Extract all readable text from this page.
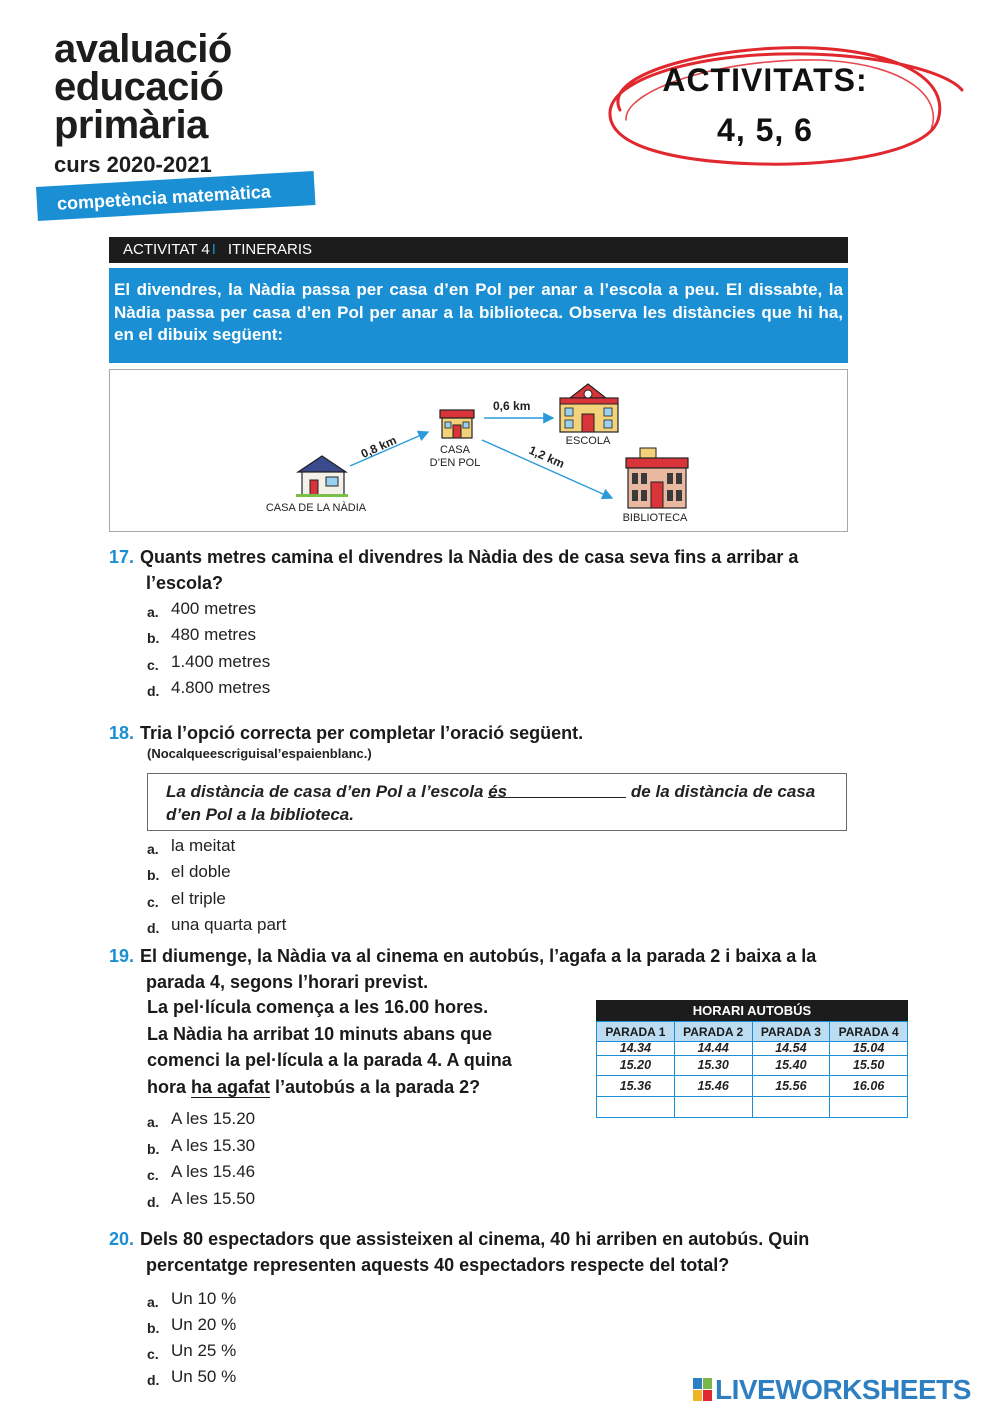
avaluació
educació
primària
curs 2020-2021
competència matemàtica
ACTIVITATS:
4, 5, 6
ACTIVITAT 4 I ITINERARIS
El divendres, la Nàdia passa per casa d’en Pol per anar a l’escola a peu. El dissabte, la Nàdia passa per casa d’en Pol per anar a la biblioteca. Observa les distàncies que hi ha, en el dibuix següent:
0,8 km
0,6 km
1,2 km
CASA DE LA NÀDIA
CASA
D’EN POL
ESCOLA
BIBLIOTECA
17. Quants metres camina el divendres la Nàdia des de casa seva fins a arribar a
l’escola?
a. 400 metres
b. 480 metres
c. 1.400 metres
d. 4.800 metres
18. Tria l’opció correcta per completar l’oració següent.
(Nocalqueescriguisal’espaienblanc.)
La distància de casa d’en Pol a l’escola és	de la distància de casa
d’en Pol a la biblioteca.
a. la meitat
b. el doble
c. el triple
d. una quarta part
19. El diumenge, la Nàdia va al cinema en autobús, l’agafa a la parada 2 i baixa a la
parada 4, segons l’horari previst.
La pel·lícula comença a les 16.00 hores.
La Nàdia ha arribat 10 minuts abans que
comenci la pel·lícula a la parada 4. A quina
hora ha agafat l’autobús a la parada 2?
HORARI AUTOBÚS
PARADA 1	PARADA 2	PARADA 3	PARADA 4
14.34	14.44	14.54	15.04
15.20	15.30	15.40	15.50
15.36	15.46	15.56	16.06

a. A les 15.20
b. A les 15.30
c. A les 15.46
d. A les 15.50
20. Dels 80 espectadors que assisteixen al cinema, 40 hi arriben en autobús. Quin
percentatge representen aquests 40 espectadors respecte del total?
a. Un 10 %
b. Un 20 %
c. Un 25 %
d. Un 50 %	LIVEWORKSHEETS
